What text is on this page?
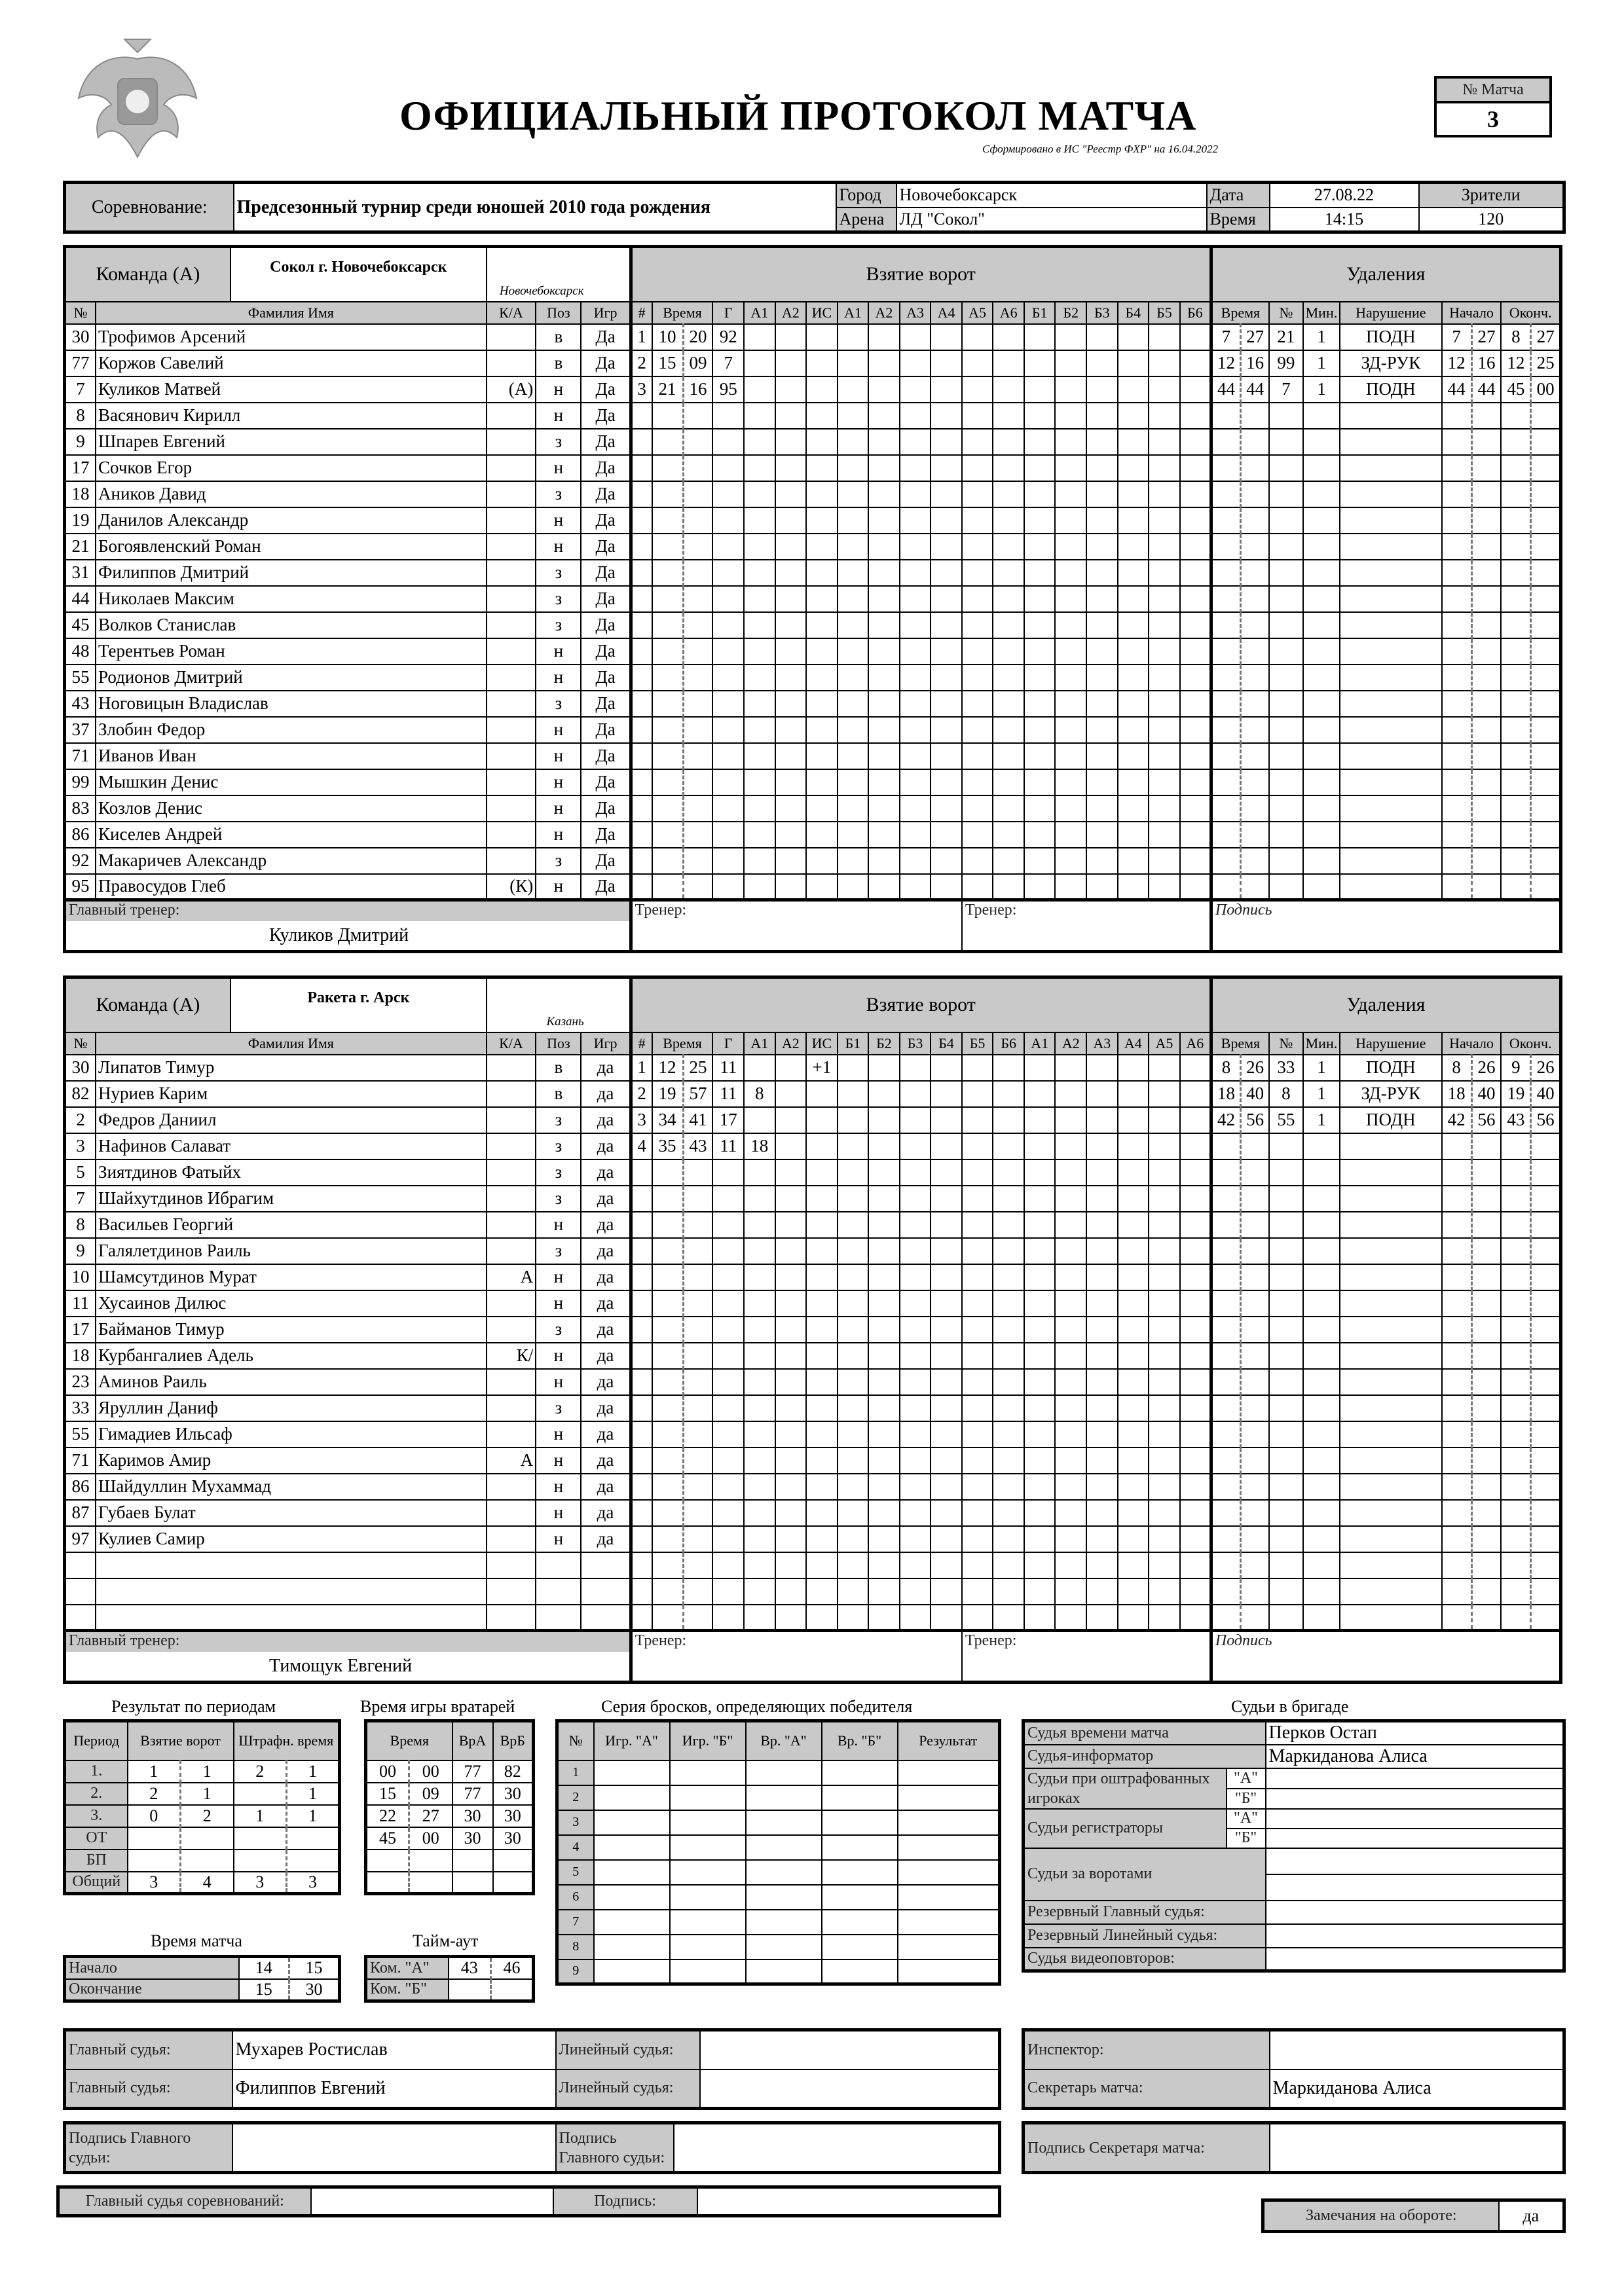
ОФИЦИАЛЬНЫЙ ПРОТОКОЛ МАТЧА
Сформировано в ИС "Реестр ФХР" на 16.04.2022
№ Матча
3
Соревнование:	Предсезонный турнир среди юношей 2010 года рождения	Город	Новочебоксарск	Дата	27.08.22	Зрители
		Арена	ЛД "Сокол"	Время	14:15	120
Команда (А) Сокол г. Новочебоксарск
Новочебоксарск					Взятие ворот																			Удаления								
№	Фамилия Имя	К/А	Поз	Игр	#	Время		Г	А1	А2	ИС	А1	А2	А3	А4	А5	А6	Б1	Б2	Б3	Б4	Б5	Б6	Время		№	Мин.	Нарушение	Начало		Оконч.	
30	Трофимов Арсений		в	Да	1	10	20	92																7	27	21	1	ПОДН	7	27	8	27
77	Коржов Савелий		в	Да	2	15	09	7																12	16	99	1	ЗД-РУК	12	16	12	25
7	Куликов Матвей	(А)	н	Да	3	21	16	95																44	44	7	1	ПОДН	44	44	45	00
8	Васянович Кирилл		н	Да																												
9	Шпарев Евгений		з	Да																												
17	Сочков Егор		н	Да																												
18	Аников Давид		з	Да																												
19	Данилов Александр		н	Да																												
21	Богоявленский Роман		н	Да																												
31	Филиппов Дмитрий		з	Да																												
44	Николаев Максим		з	Да																												
45	Волков Станислав		з	Да																												
48	Терентьев Роман		н	Да																												
55	Родионов Дмитрий		н	Да																												
43	Ноговицын Владислав		з	Да																												
37	Злобин Федор		н	Да																												
71	Иванов Иван		н	Да																												
99	Мышкин Денис		н	Да																												
83	Козлов Денис		н	Да																												
86	Киселев Андрей		н	Да																												
92	Макаричев Александр		з	Да																												
95	Правосудов Глеб	(К)	н	Да																												

Главный тренер:
Куликов Дмитрий					Тренер:											Тренер:								Подпись								
Команда (А) Ракета г. Арск
Казань					Взятие ворот																			Удаления								
№	Фамилия Имя	К/А	Поз	Игр	#	Время		Г	А1	А2	ИС	Б1	Б2	Б3	Б4	Б5	Б6	А1	А2	А3	А4	А5	А6	Время		№	Мин.	Нарушение	Начало		Оконч.	
30	Липатов Тимур		в	да	1	12	25	11			+1													8	26	33	1	ПОДН	8	26	9	26
82	Нуриев Карим		в	да	2	19	57	11	8															18	40	8	1	ЗД-РУК	18	40	19	40
2	Федров Даниил		з	да	3	34	41	17																42	56	55	1	ПОДН	42	56	43	56
3	Нафинов Салават		з	да	4	35	43	11	18																							
5	Зиятдинов Фатыйх		з	да																												
7	Шайхутдинов Ибрагим		з	да																												
8	Васильев Георгий		н	да																												
9	Галялетдинов Раиль		з	да																												
10	Шамсутдинов Мурат	А	н	да																												
11	Хусаинов Дилюс		н	да																												
17	Байманов Тимур		з	да																												
18	Курбангалиев Адель	К/	н	да																												
23	Аминов Раиль		н	да																												
33	Яруллин Даниф		з	да																												
55	Гимадиев Ильсаф		н	да																												
71	Каримов Амир	А	н	да																												
86	Шайдуллин Мухаммад		н	да																												
87	Губаев Булат		н	да																												
97	Кулиев Самир		н	да																												

Главный тренер:
Тимощук Евгений					Тренер:											Тренер:								Подпись								
Результат по периодам
Период	Взятие ворот		Штрафн. время	
1.	1	1	2	1
2.	2	1		1
3.	0	2	1	1
ОТ				
БП				
Общий	3	4	3	3
Время игры вратарей
Время		ВрА	ВрБ
00	00	77	82
15	09	77	30
22	27	30	30
45	00	30	30

Серия бросков, определяющих победителя
№	Игр. "А"	Игр. "Б"	Вр. "А"	Вр. "Б"	Результат
1					
2					
3					
4					
5					
6					
7					
8					
9					
Время матча
Начало	14	15
Окончание	15	30
Тайм-аут
Ком. "А"	43	46
Ком. "Б"		
Судьи в бригаде
Судья времени матча		Перков Остап
Судья-информатор		Маркиданова Алиса
Судьи при оштрафованных игроках	"А"	
	"Б"	
Судьи регистраторы	"А"	
	"Б"	
Судьи за воротами		

Резервный Главный судья:		
Резервный Линейный судья:		
Судья видеоповторов:		
Главный судья:	Мухарев Ростислав	Линейный судья:	
Главный судья:	Филиппов Евгений	Линейный судья:	
Инспектор:	
Секретарь матча:	Маркиданова Алиса
Подпись Главного судьи:		Подпись Главного судьи:	
Подпись Секретаря матча:	
Главный судья соревнований:		Подпись:	
Замечания на обороте:	да
